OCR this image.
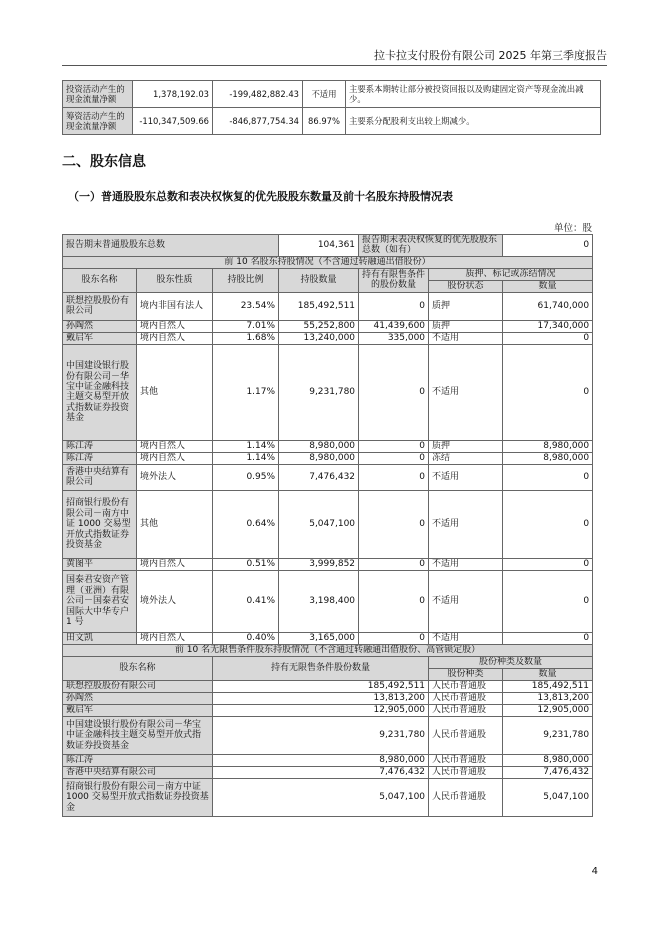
拉卡拉支付股份有限公司 2025 年第三季度报告
投资活动产生的现金流量净额	1,378,192.03	-199,482,882.43	不适用	主要系本期转让部分被投资回报以及购建固定资产等现金流出减少。
筹资活动产生的现金流量净额	-110,347,509.66	-846,877,754.34	86.97%	主要系分配股利支出较上期减少。
二、股东信息
（一）普通股股东总数和表决权恢复的优先股股东数量及前十名股东持股情况表
单位：股
报告期末普通股股东总数			104,361	报告期末表决权恢复的优先股股东总数（如有）		0
前 10 名股东持股情况（不含通过转融通出借股份）						
股东名称	股东性质	持股比例	持股数量	持有有限售条件的股份数量	质押、标记或冻结情况	
					股份状态	数量
联想控股股份有限公司	境内非国有法人	23.54%	185,492,511	0	质押	61,740,000
孙陶然	境内自然人	7.01%	55,252,800	41,439,600	质押	17,340,000
戴启军	境内自然人	1.68%	13,240,000	335,000	不适用	0
中国建设银行股份有限公司－华宝中证金融科技主题交易型开放式指数证券投资基金	其他	1.17%	9,231,780	0	不适用	0
陈江涛	境内自然人	1.14%	8,980,000	0	质押	8,980,000
陈江涛	境内自然人	1.14%	8,980,000	0	冻结	8,980,000
香港中央结算有限公司	境外法人	0.95%	7,476,432	0	不适用	0
招商银行股份有限公司－南方中证 1000 交易型开放式指数证券投资基金	其他	0.64%	5,047,100	0	不适用	0
黄图平	境内自然人	0.51%	3,999,852	0	不适用	0
国泰君安资产管理（亚洲）有限公司－国泰君安国际大中华专户 1 号	境外法人	0.41%	3,198,400	0	不适用	0
田文凯	境内自然人	0.40%	3,165,000	0	不适用	0
前 10 名无限售条件股东持股情况（不含通过转融通出借股份、高管锁定股）						
股东名称		持有无限售条件股份数量			股份种类及数量	
					股份种类	数量
联想控股股份有限公司		185,492,511			人民币普通股	185,492,511
孙陶然		13,813,200			人民币普通股	13,813,200
戴启军		12,905,000			人民币普通股	12,905,000
中国建设银行股份有限公司－华宝中证金融科技主题交易型开放式指数证券投资基金		9,231,780			人民币普通股	9,231,780
陈江涛		8,980,000			人民币普通股	8,980,000
香港中央结算有限公司		7,476,432			人民币普通股	7,476,432
招商银行股份有限公司－南方中证 1000 交易型开放式指数证券投资基金		5,047,100			人民币普通股	5,047,100
4
